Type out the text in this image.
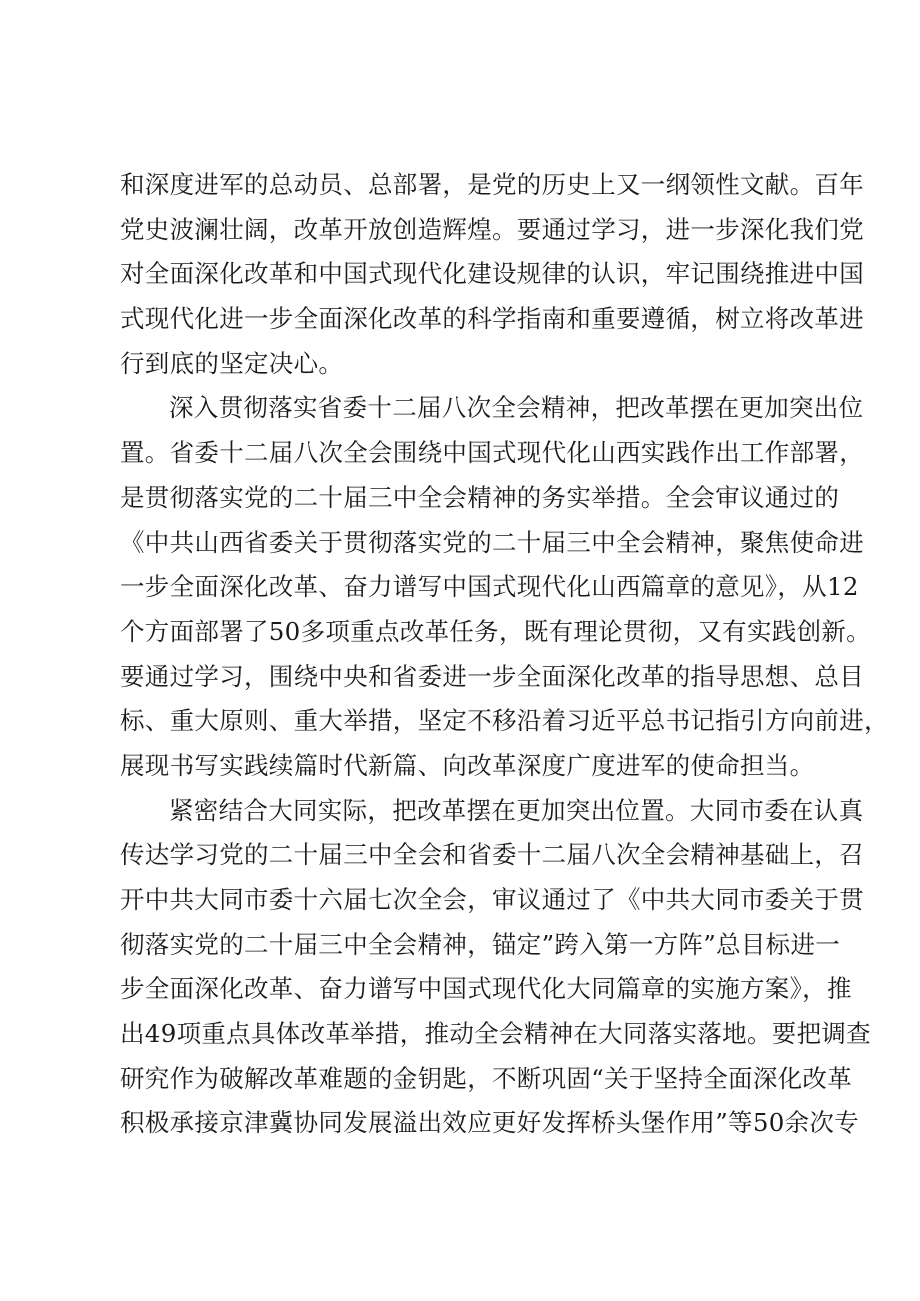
和深度进军的总动员、总部署，是党的历史上又一纲领性文献。百年
党史波澜壮阔，改革开放创造辉煌。要通过学习，进一步深化我们党
对全面深化改革和中国式现代化建设规律的认识，牢记围绕推进中国
式现代化进一步全面深化改革的科学指南和重要遵循，树立将改革进
行到底的坚定决心。
深入贯彻落实省委十二届八次全会精神，把改革摆在更加突出位
置。省委十二届八次全会围绕中国式现代化山西实践作出工作部署，
是贯彻落实党的二十届三中全会精神的务实举措。全会审议通过的
《中共山西省委关于贯彻落实党的二十届三中全会精神，聚焦使命进
一步全面深化改革、奋力谱写中国式现代化山西篇章的意见》，从12
个方面部署了50多项重点改革任务，既有理论贯彻，又有实践创新。
要通过学习，围绕中央和省委进一步全面深化改革的指导思想、总目
标、重大原则、重大举措，坚定不移沿着习近平总书记指引方向前进，
展现书写实践续篇时代新篇、向改革深度广度进军的使命担当。
紧密结合大同实际，把改革摆在更加突出位置。大同市委在认真
传达学习党的二十届三中全会和省委十二届八次全会精神基础上，召
开中共大同市委十六届七次全会，审议通过了《中共大同市委关于贯
彻落实党的二十届三中全会精神，锚定”跨入第一方阵”总目标进一
步全面深化改革、奋力谱写中国式现代化大同篇章的实施方案》，推
出49项重点具体改革举措，推动全会精神在大同落实落地。要把调查
研究作为破解改革难题的金钥匙，不断巩固“关于坚持全面深化改革
积极承接京津冀协同发展溢出效应更好发挥桥头堡作用”等50余次专
